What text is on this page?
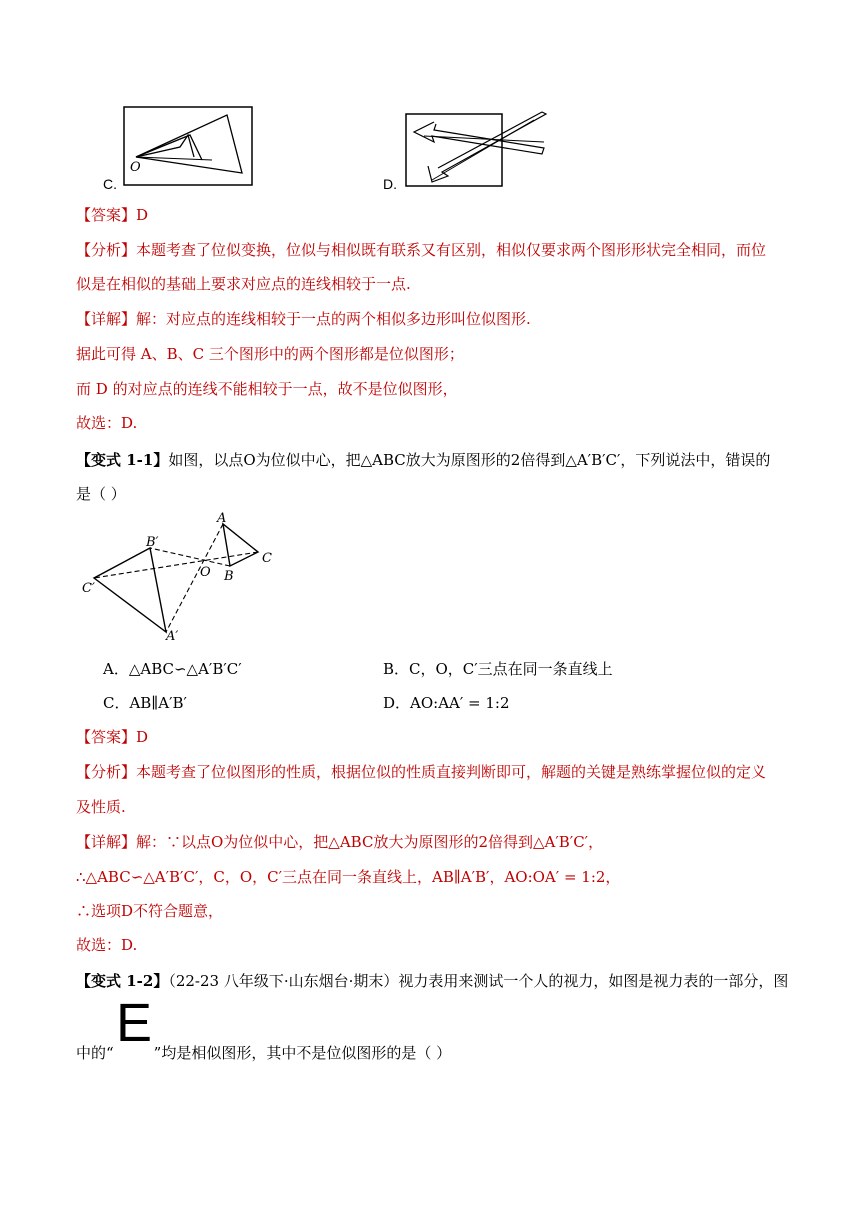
C.
O
D.
【答案】D
【分析】本题考查了位似变换，位似与相似既有联系又有区别，相似仅要求两个图形形状完全相同，而位
似是在相似的基础上要求对应点的连线相较于一点.
【详解】解：对应点的连线相较于一点的两个相似多边形叫位似图形.
据此可得 A、B、C 三个图形中的两个图形都是位似图形；
而 D 的对应点的连线不能相较于一点，故不是位似图形，
故选：D.
【变式 1-1】如图，以点O为位似中心，把△ABC放大为原图形的2倍得到△A′B′C′，下列说法中，错误的
是（ ）
A
B
C
O
A′
B′
C′
A．△ABC∽△A′B′C′	B．C，O，C′三点在同一条直线上
C．AB∥A′B′	D．AO:AA′ = 1:2
【答案】D
【分析】本题考查了位似图形的性质，根据位似的性质直接判断即可，解题的关键是熟练掌握位似的定义
及性质.
【详解】解：∵以点O为位似中心，把△ABC放大为原图形的2倍得到△A′B′C′，
∴△ABC∽△A′B′C′，C，O，C′三点在同一条直线上，AB∥A′B′，AO:OA′ = 1:2，
∴选项D不符合题意，
故选：D.
【变式 1-2】（22-23 八年级下·山东烟台·期末）视力表用来测试一个人的视力，如图是视力表的一部分，图
中的“	”均是相似图形，其中不是位似图形的是（ ）
E
